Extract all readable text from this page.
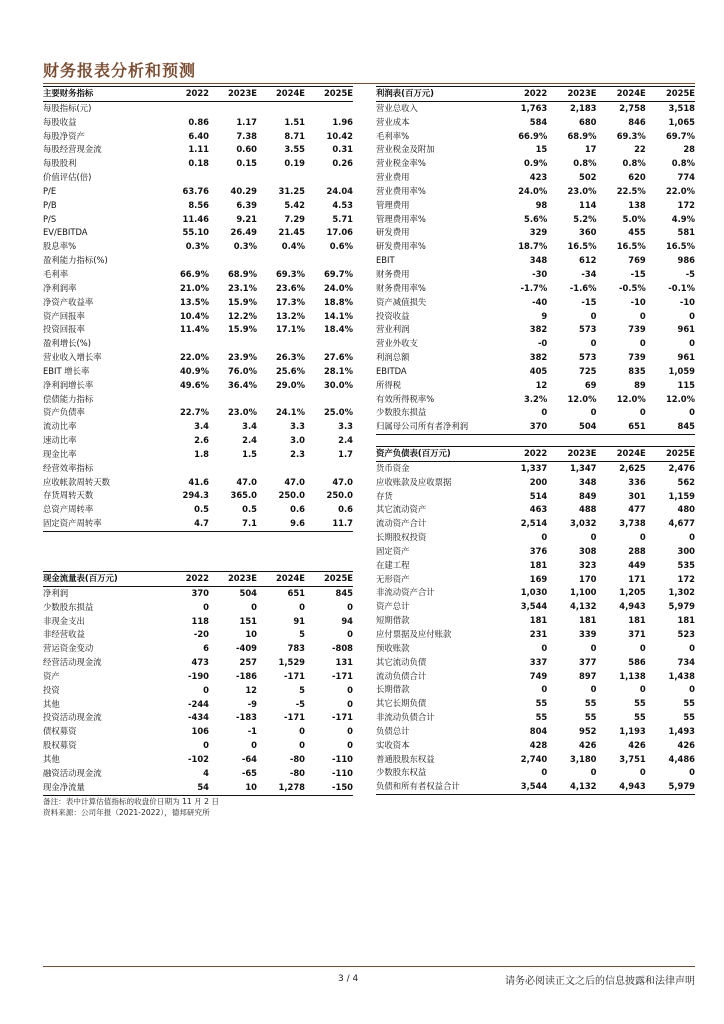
财务报表分析和预测
主要财务指标	2022	2023E	2024E	2025E
每股指标(元)				
每股收益	0.86	1.17	1.51	1.96
每股净资产	6.40	7.38	8.71	10.42
每股经营现金流	1.11	0.60	3.55	0.31
每股股利	0.18	0.15	0.19	0.26
价值评估(倍)				
P/E	63.76	40.29	31.25	24.04
P/B	8.56	6.39	5.42	4.53
P/S	11.46	9.21	7.29	5.71
EV/EBITDA	55.10	26.49	21.45	17.06
股息率%	0.3%	0.3%	0.4%	0.6%
盈利能力指标(%)				
毛利率	66.9%	68.9%	69.3%	69.7%
净利润率	21.0%	23.1%	23.6%	24.0%
净资产收益率	13.5%	15.9%	17.3%	18.8%
资产回报率	10.4%	12.2%	13.2%	14.1%
投资回报率	11.4%	15.9%	17.1%	18.4%
盈利增长(%)				
营业收入增长率	22.0%	23.9%	26.3%	27.6%
EBIT 增长率	40.9%	76.0%	25.6%	28.1%
净利润增长率	49.6%	36.4%	29.0%	30.0%
偿债能力指标				
资产负债率	22.7%	23.0%	24.1%	25.0%
流动比率	3.4	3.4	3.3	3.3
速动比率	2.6	2.4	3.0	2.4
现金比率	1.8	1.5	2.3	1.7
经营效率指标				
应收帐款周转天数	41.6	47.0	47.0	47.0
存货周转天数	294.3	365.0	250.0	250.0
总资产周转率	0.5	0.5	0.6	0.6
固定资产周转率	4.7	7.1	9.6	11.7
利润表(百万元)	2022	2023E	2024E	2025E
营业总收入	1,763	2,183	2,758	3,518
营业成本	584	680	846	1,065
毛利率%	66.9%	68.9%	69.3%	69.7%
营业税金及附加	15	17	22	28
营业税金率%	0.9%	0.8%	0.8%	0.8%
营业费用	423	502	620	774
营业费用率%	24.0%	23.0%	22.5%	22.0%
管理费用	98	114	138	172
管理费用率%	5.6%	5.2%	5.0%	4.9%
研发费用	329	360	455	581
研发费用率%	18.7%	16.5%	16.5%	16.5%
EBIT	348	612	769	986
财务费用	-30	-34	-15	-5
财务费用率%	-1.7%	-1.6%	-0.5%	-0.1%
资产减值损失	-40	-15	-10	-10
投资收益	9	0	0	0
营业利润	382	573	739	961
营业外收支	-0	0	0	0
利润总额	382	573	739	961
EBITDA	405	725	835	1,059
所得税	12	69	89	115
有效所得税率%	3.2%	12.0%	12.0%	12.0%
少数股东损益	0	0	0	0
归属母公司所有者净利润	370	504	651	845
资产负债表(百万元)	2022	2023E	2024E	2025E
货币资金	1,337	1,347	2,625	2,476
应收账款及应收票据	200	348	336	562
存货	514	849	301	1,159
其它流动资产	463	488	477	480
流动资产合计	2,514	3,032	3,738	4,677
长期股权投资	0	0	0	0
固定资产	376	308	288	300
在建工程	181	323	449	535
无形资产	169	170	171	172
非流动资产合计	1,030	1,100	1,205	1,302
资产总计	3,544	4,132	4,943	5,979
短期借款	181	181	181	181
应付票据及应付账款	231	339	371	523
预收账款	0	0	0	0
其它流动负债	337	377	586	734
流动负债合计	749	897	1,138	1,438
长期借款	0	0	0	0
其它长期负债	55	55	55	55
非流动负债合计	55	55	55	55
负债总计	804	952	1,193	1,493
实收资本	428	426	426	426
普通股股东权益	2,740	3,180	3,751	4,486
少数股东权益	0	0	0	0
负债和所有者权益合计	3,544	4,132	4,943	5,979
现金流量表(百万元)	2022	2023E	2024E	2025E
净利润	370	504	651	845
少数股东损益	0	0	0	0
非现金支出	118	151	91	94
非经营收益	-20	10	5	0
营运资金变动	6	-409	783	-808
经营活动现金流	473	257	1,529	131
资产	-190	-186	-171	-171
投资	0	12	5	0
其他	-244	-9	-5	0
投资活动现金流	-434	-183	-171	-171
债权募资	106	-1	0	0
股权募资	0	0	0	0
其他	-102	-64	-80	-110
融资活动现金流	4	-65	-80	-110
现金净流量	54	10	1,278	-150
备注：表中计算估值指标的收盘价日期为 11 月 2 日
资料来源：公司年报（2021-2022），德邦研究所
3 / 4	请务必阅读正文之后的信息披露和法律声明
